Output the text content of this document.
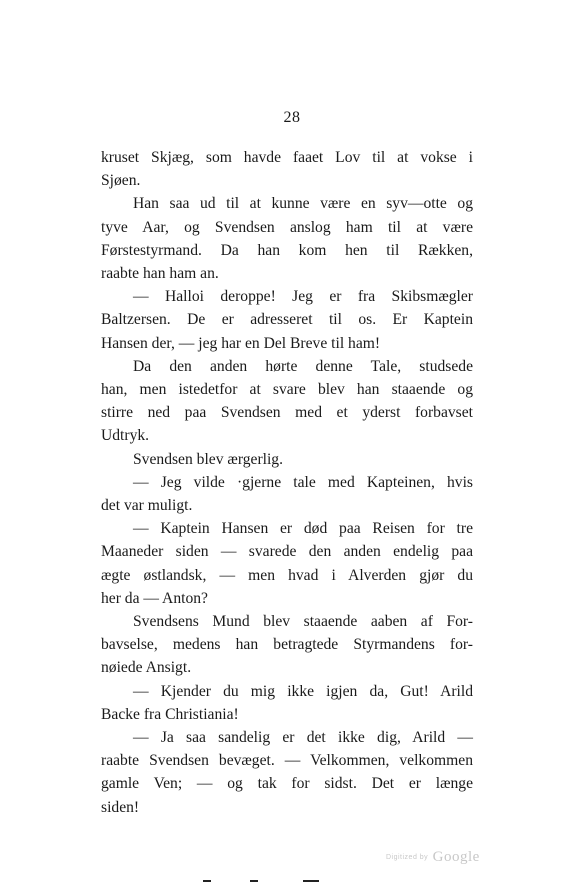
28
kruset Skjæg, som havde faaet Lov til at vokse i
Sjøen.
Han saa ud til at kunne være en syv—otte og
tyve Aar, og Svendsen anslog ham til at være
Førstestyrmand. Da han kom hen til Rækken,
raabte han ham an.
— Halloi deroppe! Jeg er fra Skibsmægler
Baltzersen. De er adresseret til os. Er Kaptein
Hansen der, — jeg har en Del Breve til ham!
Da den anden hørte denne Tale, studsede
han, men istedetfor at svare blev han staaende og
stirre ned paa Svendsen med et yderst forbavset
Udtryk.
Svendsen blev ærgerlig.
— Jeg vilde ·gjerne tale med Kapteinen, hvis
det var muligt.
— Kaptein Hansen er død paa Reisen for tre
Maaneder siden — svarede den anden endelig paa
ægte østlandsk, — men hvad i Alverden gjør du
her da — Anton?
Svendsens Mund blev staaende aaben af For-
bavselse, medens han betragtede Styrmandens for-
nøiede Ansigt.
— Kjender du mig ikke igjen da, Gut! Arild
Backe fra Christiania!
— Ja saa sandelig er det ikke dig, Arild —
raabte Svendsen bevæget. — Velkommen, velkommen
gamle Ven; — og tak for sidst. Det er længe
siden!
Digitized by Google
